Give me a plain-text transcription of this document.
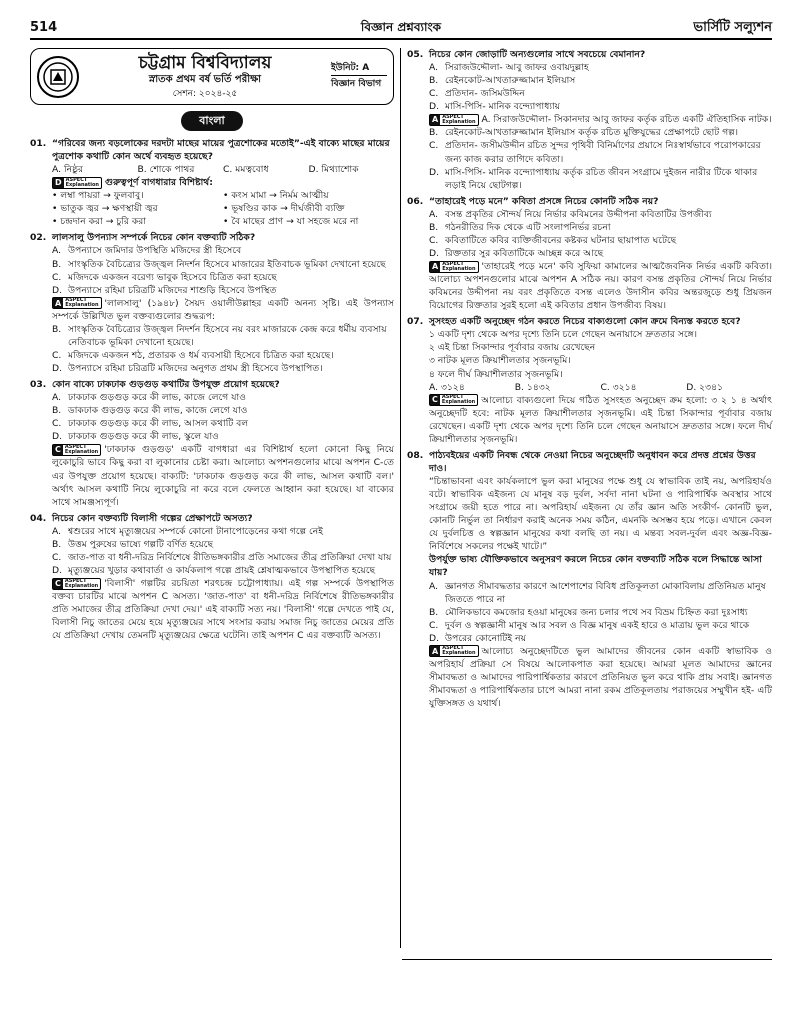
514	বিজ্ঞান প্রশ্নব্যাংক	ভার্সিটি সল্যুশন
চট্টগ্রাম বিশ্ববিদ্যালয়
স্নাতক প্রথম বর্ষ ভর্তি পরীক্ষা
সেশন: ২০২৪-২৫
ইউনিট: A
বিজ্ঞান বিভাগ
বাংলা
01. “গরিবের জন্য বড়লোকের দরদটা মাছের মায়ের পুত্রশোকের মতোই”-এই বাক্যে মাছের মায়ের পুত্রশোক কথাটি কোন অর্থে ব্যবহৃত হয়েছে?
A. নিষ্ঠুর	B. শোকে পাথর	C. মমত্ববোধ	D. মিথ্যাশোক
D ASPECT
Explanation গুরুত্বপূর্ণ বাগধারার বিশিষ্টার্থ:
• লম্বা পায়রা → ফুলবাবু।	• কংস মামা → নির্মম আত্মীয়
• ভাতুক জ্বর → ক্ষণস্থায়ী জ্বর	• ভূষণ্ডির কাক → দীর্ঘজীবী ব্যক্তি
• চন্দ্রদান করা → চুরি করা	• বৈ মাছের প্রাণ → যা সহজে মরে না
02. লালসালু উপন্যাস সম্পর্কে নিচের কোন বক্তব্যটি সঠিক?
A. উপন্যাসে জমিদার উপস্থিতি মজিদের স্ত্রী হিসেবে
B. সাংস্কৃতিক বৈচিত্র্যের উজ্জ্বল নিদর্শন হিসেবে মাজারের ইতিবাচক ভূমিকা দেখানো হয়েছে
C. মজিদকে একজন বরেণ্য ভাবুক হিসেবে চিত্রিত করা হয়েছে
D. উপন্যাসে রহিমা চরিত্রটি মজিদের শাশুড়ি হিসেবে উপস্থিত
A ASPECT
Explanation 'লালসালু' (১৯৪৮) সৈয়দ ওয়ালীউল্লাহর একটি অনন্য সৃষ্টি। এই উপন্যাস সম্পর্কে উল্লিখিত ভুল বক্তব্যগুলোর শুদ্ধরূপ:
B. সাংস্কৃতিক বৈচিত্র্যের উজ্জ্বল নিদর্শন হিসেবে নয় বরং মাজারকে কেন্দ্র করে ধর্মীয় ব্যবসায় নেতিবাচক ভূমিকা দেখানো হয়েছে।
C. মজিদকে একজন শঠ, প্রতারক ও ধর্ম ব্যবসায়ী হিসেবে চিত্রিত করা হয়েছে।
D. উপন্যাসে রহিমা চরিত্রটি মজিদের অনুগত প্রথম স্ত্রী হিসেবে উপস্থাপিত।
03. কোন বাক্যে ঢাকঢাক গুড়গুড় কথাটির উপযুক্ত প্রয়োগ হয়েছে?
A. ঢাকঢাক গুড়গুড় করে কী লাভ, কাজে লেগে যাও
B. ডাকঢাক গুড়গুড় করে কী লাভ, কাজে লেগে যাও
C. ঢাকঢাক গুড়গুড় করে কী লাভ, আসল কথাটি বল
D. ঢাকঢাক গুড়গুড় করে কী লাভ, স্কুলে যাও
C ASPECT
Explanation 'ঢাকঢাক গুড়গুড়' একটি বাগধারা এর বিশিষ্টার্থ হলো কোনো কিছু নিয়ে লুকোচুরি ভাবে কিছু করা বা লুকানোর চেষ্টা করা। আলোচ্য অপশনগুলোর মাঝে অপশন C-তে এর উপযুক্ত প্রয়োগ হয়েছে। বাক্যটি: 'ঢাকঢাক গুড়গুড় করে কী লাভ, আসল কথাটি বল।' অর্থাৎ আসল কথাটি নিয়ে লুকোচুরি না করে বলে ফেলতে আহ্বান করা হয়েছে। যা বাক্যের সাথে সামঞ্জস্যপূর্ণ।
04. নিচের কোন বক্তব্যটি বিলাসী গল্পের প্রেক্ষাপটে অসত্য?
A. শ্বশুরের সাথে মৃত্যুঞ্জয়ের সম্পর্কে কোনো টানাপোড়েনের কথা গল্পে নেই
B. উত্তম পুরুষের ভাষ্যে গল্পটি বর্ণিত হয়েছে
C. জাত-পাত বা ধনী-দরিদ্র নির্বিশেষে রীতিভঙ্গকারীর প্রতি সমাজের তীব্র প্রতিক্রিয়া দেখা যায়
D. মৃত্যুঞ্জয়ের খুড়ার কথাবার্তা ও কার্যকলাপ গল্পে প্রায়ই শ্লেষাত্মকভাবে উপস্থাপিত হয়েছে
C ASPECT
Explanation 'বিলাসী' গল্পটির রচয়িতা শরৎচন্দ্র চট্টোপাধ্যায়। এই গল্প সম্পর্কে উপস্থাপিত বক্তব্য চারটির মাঝে অপশন C অসত্য। 'জাত-পাত' বা ধনী-দরিদ্র নির্বিশেষে রীতিভঙ্গকারীর প্রতি সমাজের তীব্র প্রতিক্রিয়া দেখা দেয়।' এই বাক্যটি সত্য নয়। 'বিলাসী' গল্পে দেখতে পাই যে, বিলাসী নিচু জাতের মেয়ে হয়ে মৃত্যুঞ্জয়ের সাথে সংসার করায় সমাজ নিচু জাতের মেয়ের প্রতি যে প্রতিক্রিয়া দেখায় তেমনটি মৃত্যুঞ্জয়ের ক্ষেত্রে ঘটেনি। তাই অপশন C এর বক্তব্যটি অসত্য।
05. নিচের কোন জোড়াটি অন্যগুলোর সাথে সবচেয়ে বেমানান?
A. সিরাজউদ্দৌলা- আবু জাফর ওবায়দুল্লাহ
B. রেইনকোট-আখতারুজ্জামান ইলিয়াস
C. প্রতিদান- জসিমউদ্দিন
D. মাসি-পিসি- মানিক বন্দ্যোপাধ্যায়
A ASPECT
Explanation A. সিরাজউদ্দৌলা- সিকানদার আবু জাফর কর্তৃক রচিত একটি ঐতিহাসিক নাটক।
B. রেইনকোট-আখতারুজ্জামান ইলিয়াস কর্তৃক রচিত মুক্তিযুদ্ধের প্রেক্ষাপটে ছোট গল্প।
C. প্রতিদান- জসীমউদ্দীন রচিত সুন্দর পৃথিবী বিনির্মাণের প্রয়াসে নিঃস্বার্থভাবে পরোপকারের জন্য কাজ করার তাগিদে কবিতা।
D. মাসি-পিসি- মানিক বন্দ্যোপাধ্যায় কর্তৃক রচিত জীবন সংগ্রামে দুইজন নারীর টিকে থাকার লড়াই নিয়ে ছোটগল্প।
06. “তাহারেই পড়ে মনে” কবিতা প্রসঙ্গে নিচের কোনটি সঠিক নয়?
A. বসন্ত প্রকৃতির সৌন্দর্য নিয়ে নির্ভার কবিমনের উদ্দীপনা কবিতাটির উপজীব্য
B. গঠনরীতির দিক থেকে এটি সংলাপনির্ভর রচনা
C. কবিতাটিতে কবির ব্যক্তিজীবনের কষ্টকর ঘটনার ছায়াপাত ঘটেছে
D. রিক্ততার সুর কবিতাটিকে আচ্ছন্ন করে আছে
A ASPECT
Explanation 'তাহারেই পড়ে মনে' কবি সুফিয়া কামালের আত্মজৈবনিক নির্ভর একটি কবিতা। আলোচ্য অপশনগুলোর মাঝে অপশন A সঠিক নয়। কারণ বসন্ত প্রকৃতির সৌন্দর্য নিয়ে নির্ভার কবিমনের উদ্দীপনা নয় বরং প্রকৃতিতে বসন্ত এলেও উদাসীন কবির অন্তরজুড়ে শুধু প্রিয়জন বিয়োগের রিক্ততার সুরই হলো এই কবিতার প্রধান উপজীব্য বিষয়।
07. সুসংহত একটি অনুচ্ছেদ গঠন করতে নিচের বাক্যগুলো কোন ক্রমে বিন্যস্ত করতে হবে?
১ একটি দৃশ্য থেকে অপর দৃশ্যে তিনি চলে গেছেন অনায়াসে দ্রুততার সঙ্গে।
২ এই চিন্তা সিকান্দার পূর্বাবার বজায় রেখেছেন
৩ নাটক মূলত ক্রিয়াশীলতার সৃজনভূমি।
৪ ফলে দীর্ঘ ক্রিয়াশীলতার সৃজনভূমি।
A. ৩১২৪	B. ১৪৩২	C. ৩২১৪	D. ২৩৪১
C ASPECT
Explanation আলোচ্য বাক্যগুলো দিয়ে গঠিত সুসংহত অনুচ্ছেদ ক্রম হলো: ৩ ২ ১ ৪ অর্থাৎ অনুচ্ছেদটি হবে: নাটক মূলত ক্রিয়াশীলতার সৃজনভূমি। এই চিন্তা সিকান্দার পূর্বাবার বজায় রেখেছেন। একটি দৃশ্য থেকে অপর দৃশ্যে তিনি চলে গেছেন অনায়াসে দ্রুততার সঙ্গে। ফলে দীর্ঘ ক্রিয়াশীলতার সৃজনভূমি।
08. পাঠ্যবইয়ের একটি নিবন্ধ থেকে নেওয়া নিচের অনুচ্ছেদটি অনুধাবন করে প্রদত্ত প্রশ্নের উত্তর দাও।
“চিন্তাভাবনা এবং কার্যকলাপে ভুল করা মানুষের পক্ষে শুধু যে স্বাভাবিক তাই নয়, অপরিহার্যও বটে। স্বাভাবিক এইজন্য যে মানুষ বড় দুর্বল, সর্বদা নানা ঘটনা ও পারিপার্শ্বিক অবস্থার সাথে সংগ্রামে জয়ী হতে পারে না। অপরিহার্য এইজন্য যে তাঁর জ্ঞান অতি সংকীর্ণ- কোনটি ভুল, কোনটি নির্ভুল তা নির্ধারণ করাই অনেক সময় কঠিন, এমনকি অসম্ভব হয়ে পড়ে। এখানে কেবল যে দুর্বলচিত্ত ও স্বল্পজ্ঞান মানুষের কথা বলছি তা নয়। এ মন্তব্য সবল-দুর্বল এবং অজ্ঞ-বিজ্ঞ-নির্বিশেষে সকলের পক্ষেই খাটে।”
উপর্যুক্ত ভাষ্য যৌক্তিকভাবে অনুসরণ করলে নিচের কোন বক্তব্যটি সঠিক বলে সিদ্ধান্তে আসা যায়?
A. জ্ঞানগত সীমাবদ্ধতার কারণে আশেপাশের বিবিধ প্রতিকূলতা মোকাবিলায় প্রতিনিয়ত মানুষ জিততে পারে না
B. মৌলিকভাবে কমজোর হওয়া মানুষের জন্য চলার পথে সব বিভ্রম চিহ্নিত করা দুঃসাধ্য
C. দুর্বল ও স্বল্পজ্ঞানী মানুষ আর সবল ও বিজ্ঞ মানুষ একই হারে ও মাত্রায় ভুল করে থাকে
D. উপরের কোনোটিই নয়
A ASPECT
Explanation আলোচ্য অনুচ্ছেদটিতে ভুল আমাদের জীবনের কোন একটি স্বাভাবিক ও অপরিহার্য প্রক্রিয়া সে বিষয়ে আলোকপাত করা হয়েছে। আমরা মূলত আমাদের জ্ঞানের সীমাবদ্ধতা ও আমাদের পারিপার্শ্বিকতার কারণে প্রতিনিয়ত ভুল করে থাকি প্রায় সবাই। জ্ঞানগত সীমাবদ্ধতা ও পারিপার্শ্বিকতার চাপে আমরা নানা রকম প্রতিকূলতায় পরাজয়ের সম্মুখীন হই- এটি যুক্তিসঙ্গত ও যথার্থ।
